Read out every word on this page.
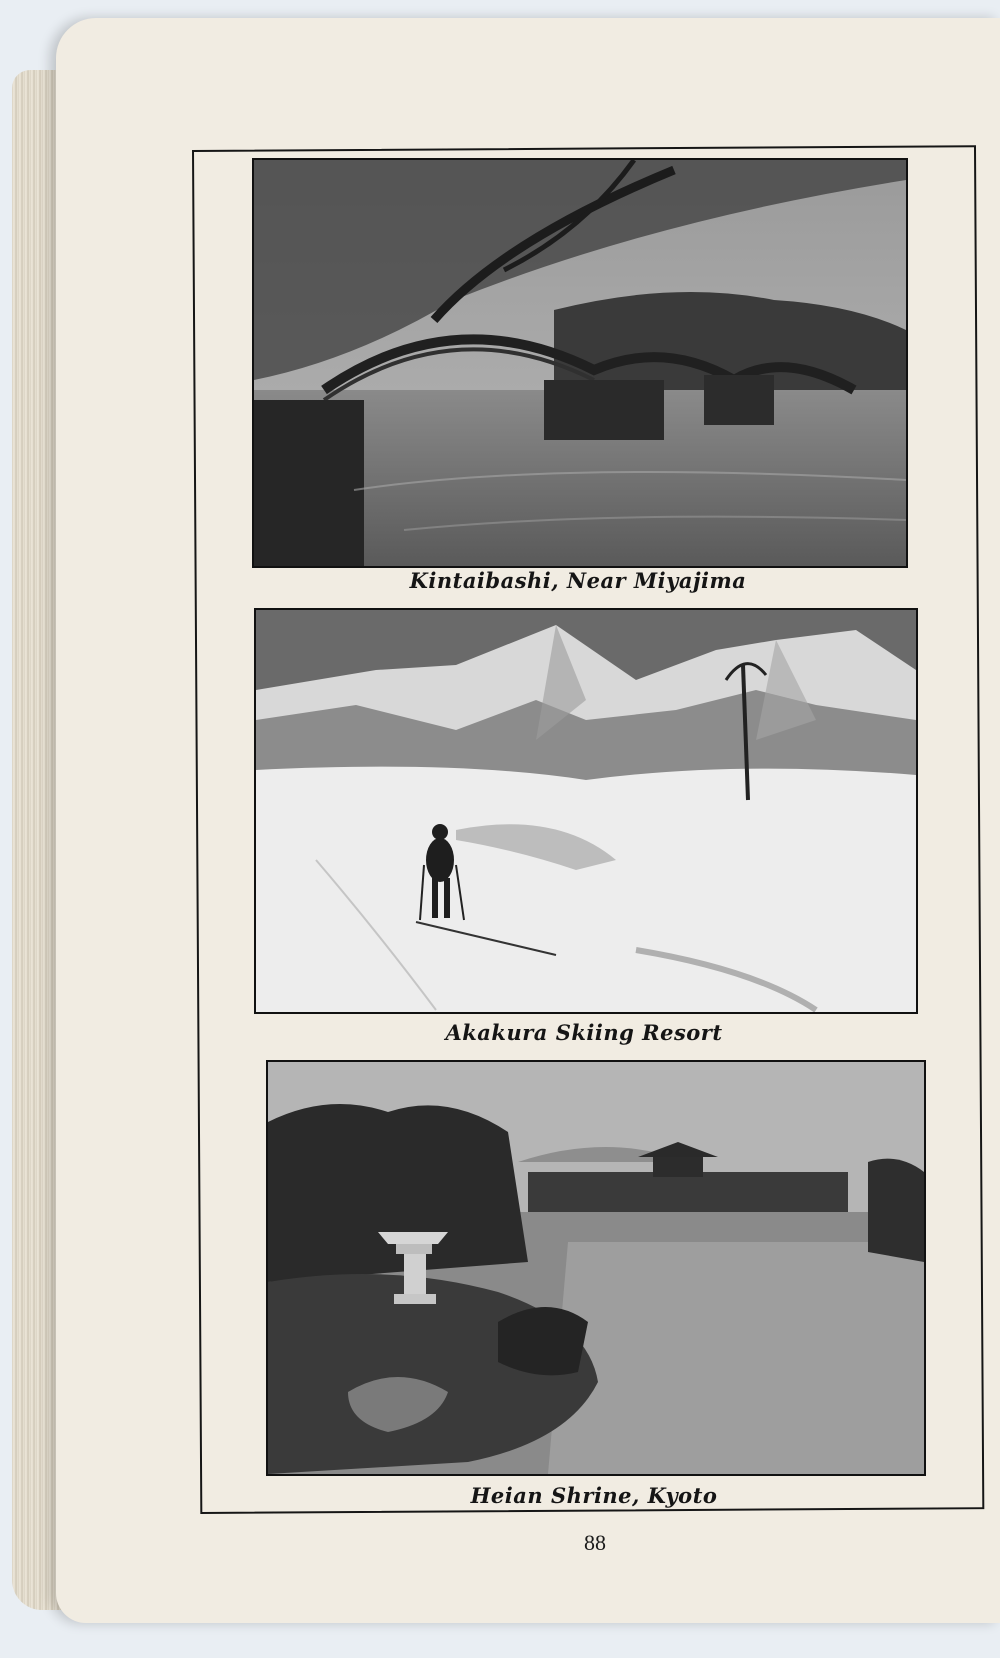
Kintaibashi, Near Miyajima
Akakura Skiing Resort
Heian Shrine, Kyoto
88
